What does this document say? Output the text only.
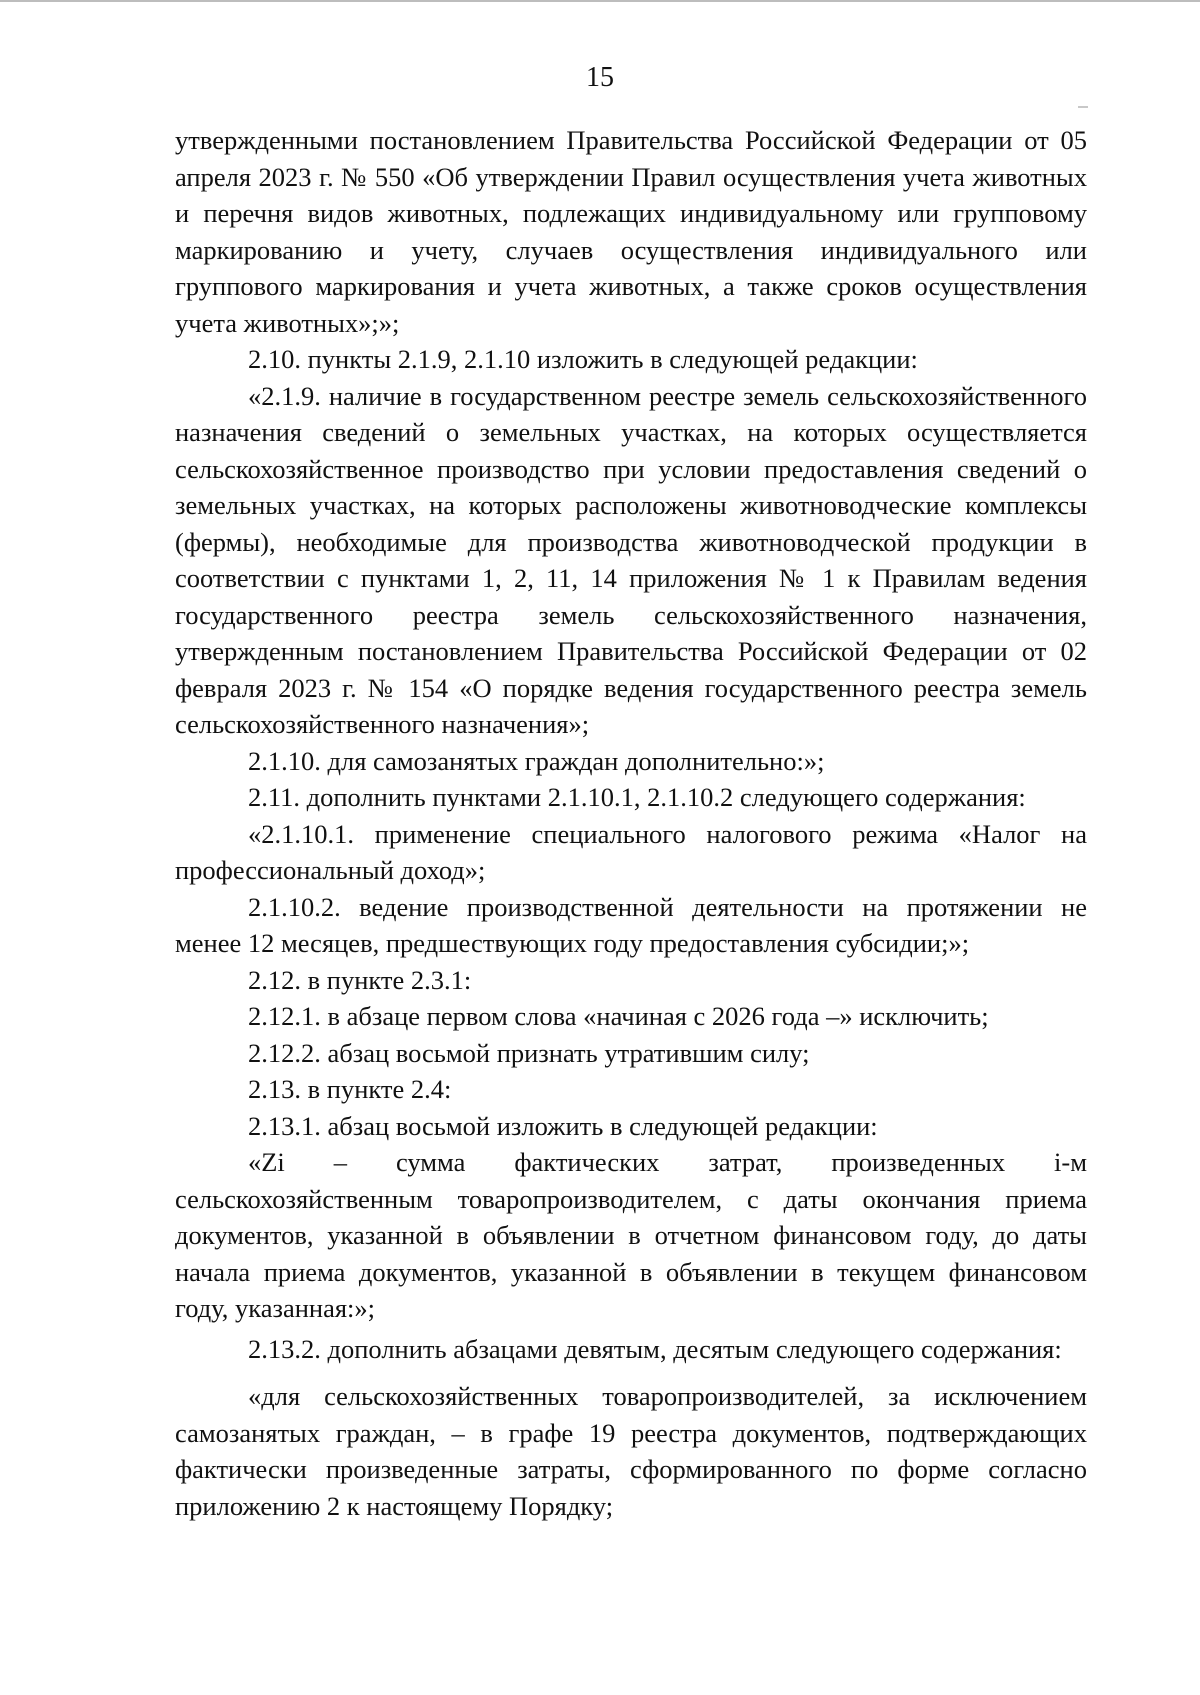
15

утвержденными постановлением Правительства Российской Федерации от 05 апреля 2023 г. № 550 «Об утверждении Правил осуществления учета животных и перечня видов животных, подлежащих индивидуальному или групповому маркированию и учету, случаев осуществления индивидуального или группового маркирования и учета животных, а также сроков осуществления учета животных»;»;

2.10. пункты 2.1.9, 2.1.10 изложить в следующей редакции:

«2.1.9. наличие в государственном реестре земель сельскохозяйственного назначения сведений о земельных участках, на которых осуществляется сельскохозяйственное производство при условии предоставления сведений о земельных участках, на которых расположены животноводческие комплексы (фермы), необходимые для производства животноводческой продукции в соответствии с пунктами 1, 2, 11, 14 приложения № 1 к Правилам ведения государственного реестра земель сельскохозяйственного назначения, утвержденным постановлением Правительства Российской Федерации от 02 февраля 2023 г. № 154 «О порядке ведения государственного реестра земель сельскохозяйственного назначения»;

2.1.10. для самозанятых граждан дополнительно:»;

2.11. дополнить пунктами 2.1.10.1, 2.1.10.2 следующего содержания:

«2.1.10.1. применение специального налогового режима «Налог на профессиональный доход»;

2.1.10.2. ведение производственной деятельности на протяжении не менее 12 месяцев, предшествующих году предоставления субсидии;»;

2.12. в пункте 2.3.1:

2.12.1. в абзаце первом слова «начиная с 2026 года –» исключить;

2.12.2. абзац восьмой признать утратившим силу;

2.13. в пункте 2.4:

2.13.1. абзац восьмой изложить в следующей редакции:

«Zi – сумма фактических затрат, произведенных i-м сельскохозяйственным товаропроизводителем, с даты окончания приема документов, указанной в объявлении в отчетном финансовом году, до даты начала приема документов, указанной в объявлении в текущем финансовом году, указанная:»;

2.13.2. дополнить абзацами девятым, десятым следующего содержания:

«для сельскохозяйственных товаропроизводителей, за исключением самозанятых граждан, – в графе 19 реестра документов, подтверждающих фактически произведенные затраты, сформированного по форме согласно приложению 2 к настоящему Порядку;
